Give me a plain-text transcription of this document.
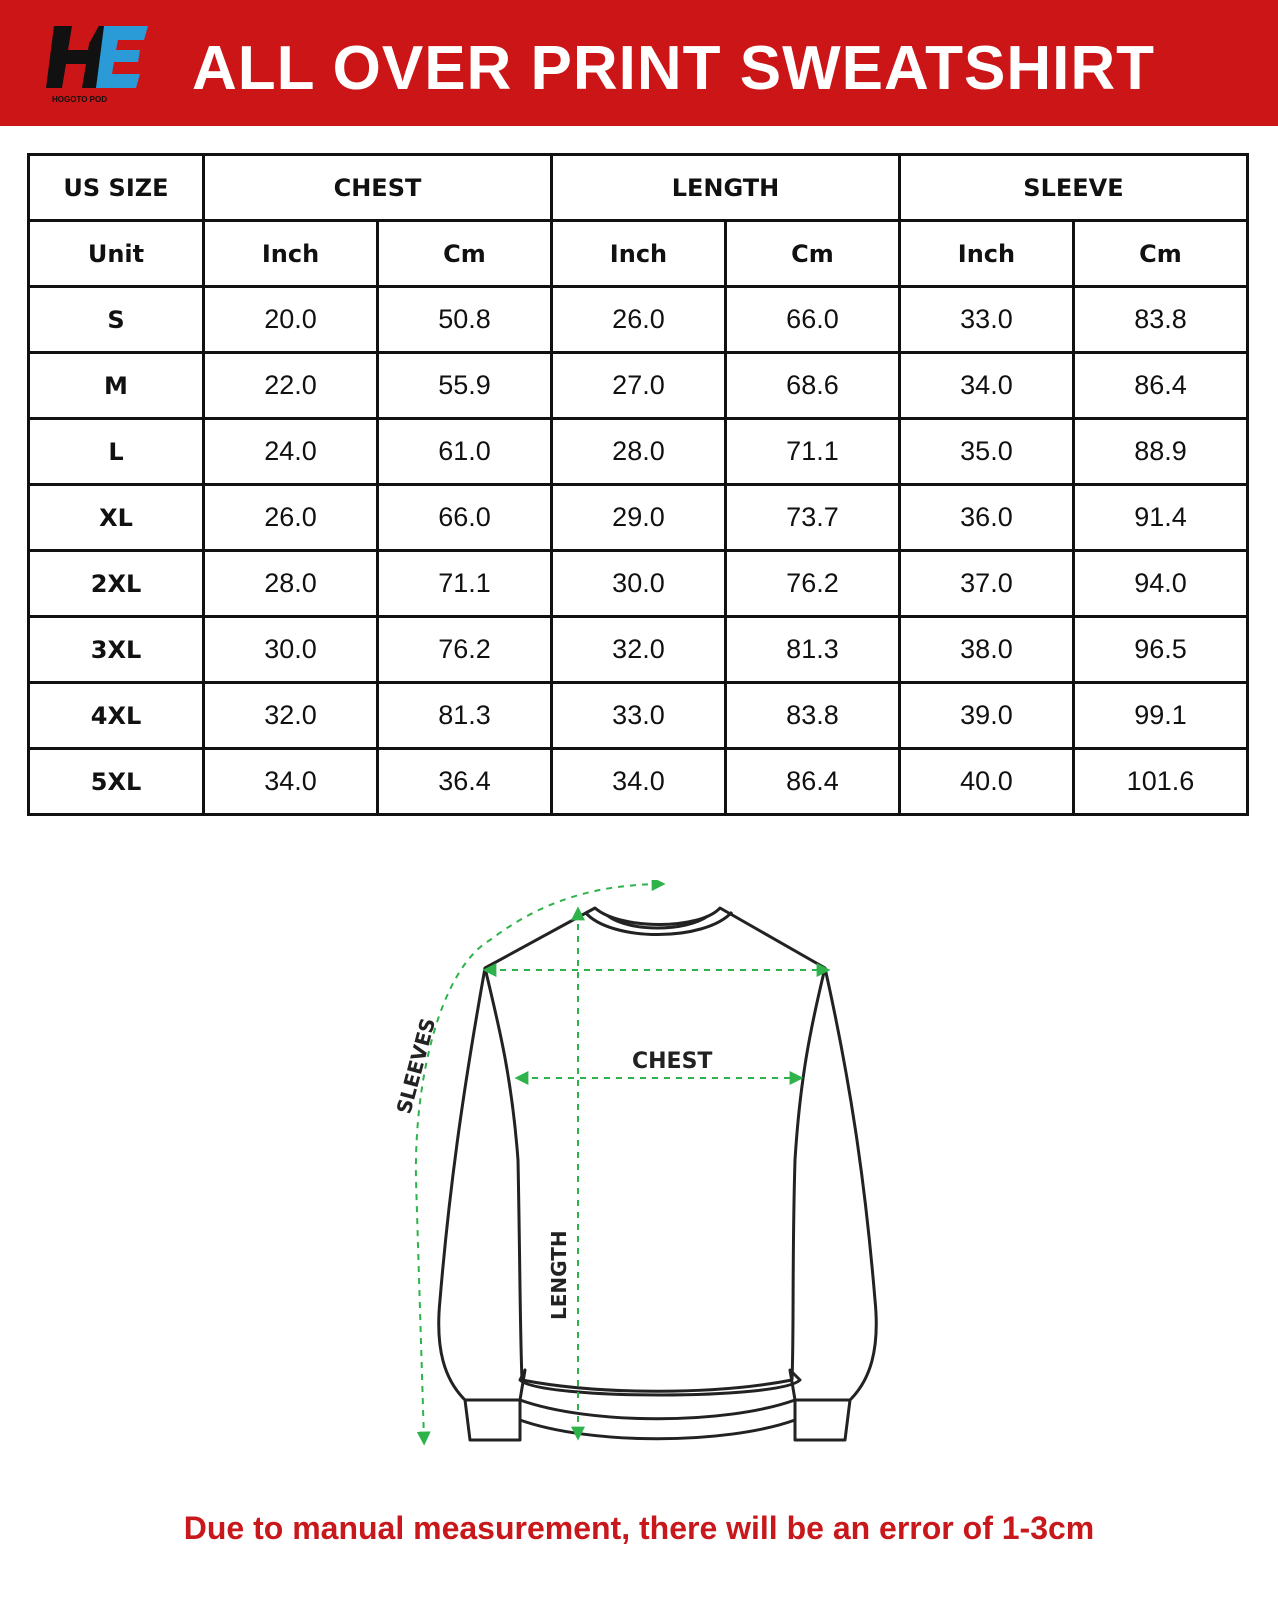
HOGOTO POD ALL OVER PRINT SWEATSHIRT
US SIZE	CHEST		LENGTH		SLEEVE	
Unit	Inch	Cm	Inch	Cm	Inch	Cm
S	20.0	50.8	26.0	66.0	33.0	83.8
M	22.0	55.9	27.0	68.6	34.0	86.4
L	24.0	61.0	28.0	71.1	35.0	88.9
XL	26.0	66.0	29.0	73.7	36.0	91.4
2XL	28.0	71.1	30.0	76.2	37.0	94.0
3XL	30.0	76.2	32.0	81.3	38.0	96.5
4XL	32.0	81.3	33.0	83.8	39.0	99.1
5XL	34.0	36.4	34.0	86.4	40.0	101.6
CHEST
LENGTH
SLEEVES
Due to manual measurement, there will be an error of 1-3cm
